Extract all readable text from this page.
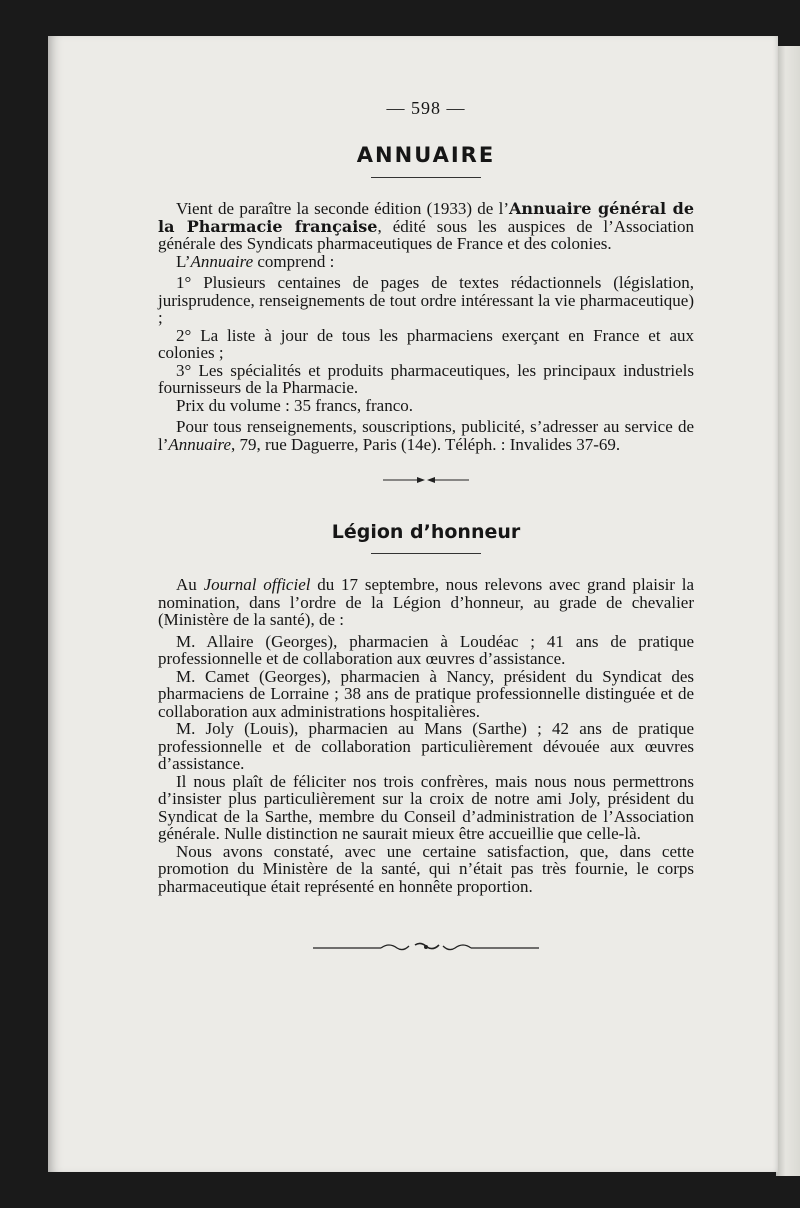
— 598 —
ANNUAIRE

Vient de paraître la seconde édition (1933) de l’Annuaire général de la Pharmacie française, édité sous les auspices de l’Association générale des Syndicats pharmaceutiques de France et des colonies.

L’Annuaire comprend :

1° Plusieurs centaines de pages de textes rédactionnels (législation, jurisprudence, renseignements de tout ordre intéressant la vie pharmaceutique) ;

2° La liste à jour de tous les pharmaciens exerçant en France et aux colonies ;

3° Les spécialités et produits pharmaceutiques, les principaux industriels fournisseurs de la Pharmacie.

Prix du volume : 35 francs, franco.

Pour tous renseignements, souscriptions, publicité, s’adresser au service de l’Annuaire, 79, rue Daguerre, Paris (14e). Téléph. : Invalides 37-69.

Légion d’honneur

Au Journal officiel du 17 septembre, nous relevons avec grand plaisir la nomination, dans l’ordre de la Légion d’honneur, au grade de chevalier (Ministère de la santé), de :

M. Allaire (Georges), pharmacien à Loudéac ; 41 ans de pratique professionnelle et de collaboration aux œuvres d’assistance.

M. Camet (Georges), pharmacien à Nancy, président du Syndicat des pharmaciens de Lorraine ; 38 ans de pratique professionnelle distinguée et de collaboration aux administrations hospitalières.

M. Joly (Louis), pharmacien au Mans (Sarthe) ; 42 ans de pratique professionnelle et de collaboration particulièrement dévouée aux œuvres d’assistance.

Il nous plaît de féliciter nos trois confrères, mais nous nous permettrons d’insister plus particulièrement sur la croix de notre ami Joly, président du Syndicat de la Sarthe, membre du Conseil d’administration de l’Association générale. Nulle distinction ne saurait mieux être accueillie que celle-là.

Nous avons constaté, avec une certaine satisfaction, que, dans cette promotion du Ministère de la santé, qui n’était pas très fournie, le corps pharmaceutique était représenté en honnête proportion.
